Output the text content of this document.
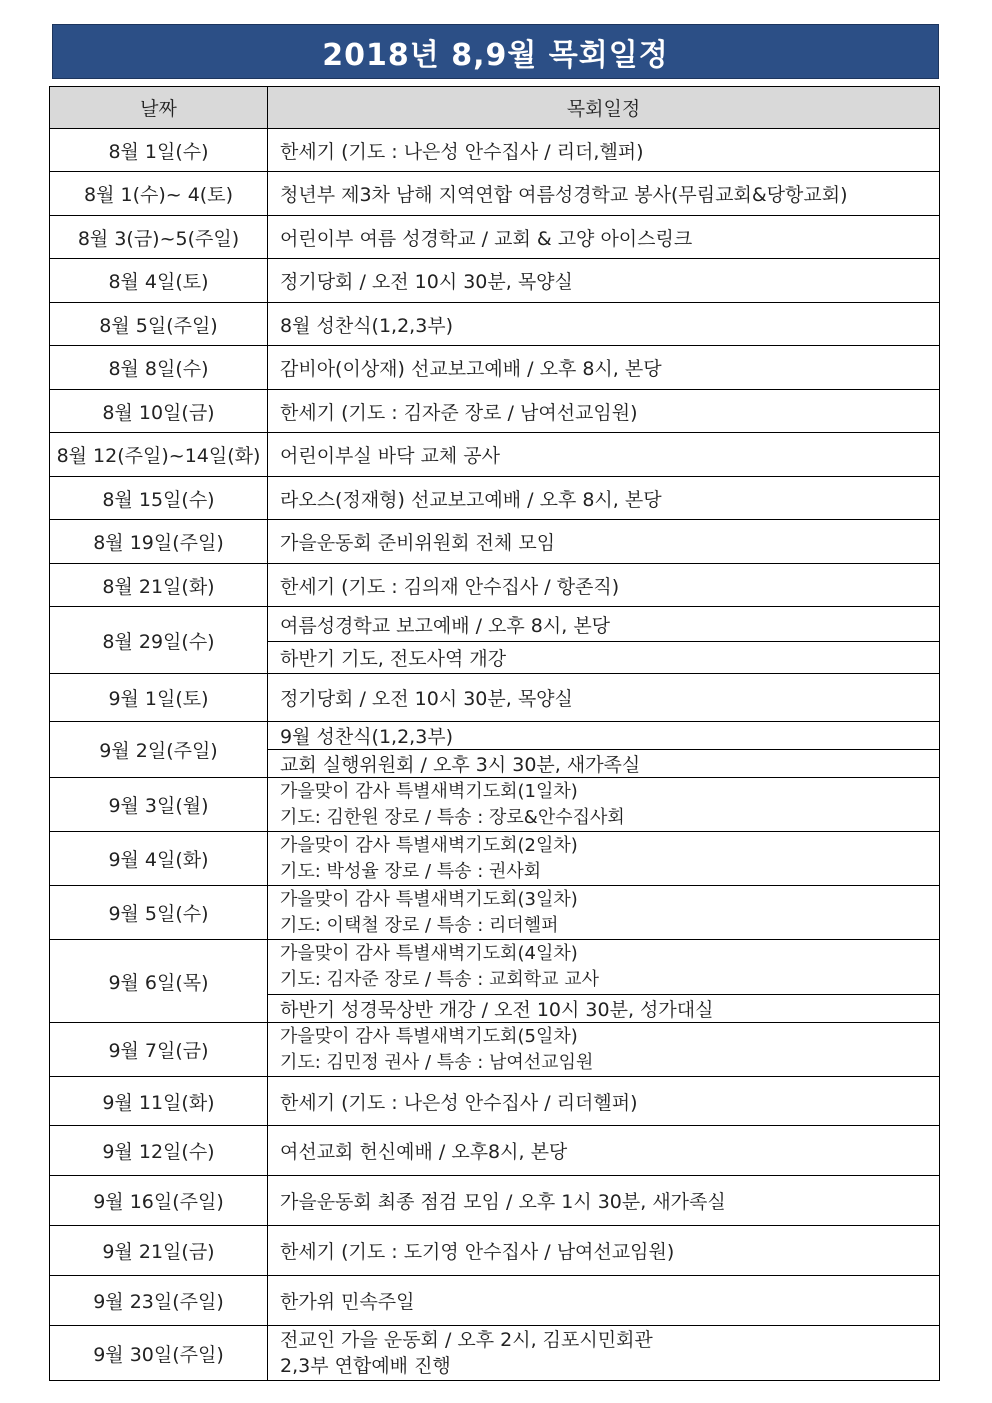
2018년 8,9월 목회일정
날짜	목회일정
8월 1일(수)	한세기 (기도 : 나은성 안수집사 / 리더,헬퍼)
8월 1(수)~ 4(토)	청년부 제3차 남해 지역연합 여름성경학교 봉사(무림교회&당항교회)
8월 3(금)~5(주일)	어린이부 여름 성경학교 / 교회 & 고양 아이스링크
8월 4일(토)	정기당회 / 오전 10시 30분, 목양실
8월 5일(주일)	8월 성찬식(1,2,3부)
8월 8일(수)	감비아(이상재) 선교보고예배 / 오후 8시, 본당
8월 10일(금)	한세기 (기도 : 김자준 장로 / 남여선교임원)
8월 12(주일)~14일(화)	어린이부실 바닥 교체 공사
8월 15일(수)	라오스(정재형) 선교보고예배 / 오후 8시, 본당
8월 19일(주일)	가을운동회 준비위원회 전체 모임
8월 21일(화)	한세기 (기도 : 김의재 안수집사 / 항존직)
8월 29일(수)	여름성경학교 보고예배 / 오후 8시, 본당
	하반기 기도, 전도사역 개강
9월 1일(토)	정기당회 / 오전 10시 30분, 목양실
9월 2일(주일)	9월 성찬식(1,2,3부)
	교회 실행위원회 / 오후 3시 30분, 새가족실
9월 3일(월)	가을맞이 감사 특별새벽기도회(1일차)
기도: 김한원 장로 / 특송 : 장로&안수집사회

9월 4일(화)	가을맞이 감사 특별새벽기도회(2일차)
기도: 박성율 장로 / 특송 : 권사회

9월 5일(수)	가을맞이 감사 특별새벽기도회(3일차)
기도: 이택철 장로 / 특송 : 리더헬퍼

9월 6일(목)	가을맞이 감사 특별새벽기도회(4일차)
기도: 김자준 장로 / 특송 : 교회학교 교사

	하반기 성경묵상반 개강 / 오전 10시 30분, 성가대실
9월 7일(금)	가을맞이 감사 특별새벽기도회(5일차)
기도: 김민정 권사 / 특송 : 남여선교임원

9월 11일(화)	한세기 (기도 : 나은성 안수집사 / 리더헬퍼)
9월 12일(수)	여선교회 헌신예배 / 오후8시, 본당
9월 16일(주일)	가을운동회 최종 점검 모임 / 오후 1시 30분, 새가족실
9월 21일(금)	한세기 (기도 : 도기영 안수집사 / 남여선교임원)
9월 23일(주일)	한가위 민속주일
9월 30일(주일)	전교인 가을 운동회 / 오후 2시, 김포시민회관
2,3부 연합예배 진행
